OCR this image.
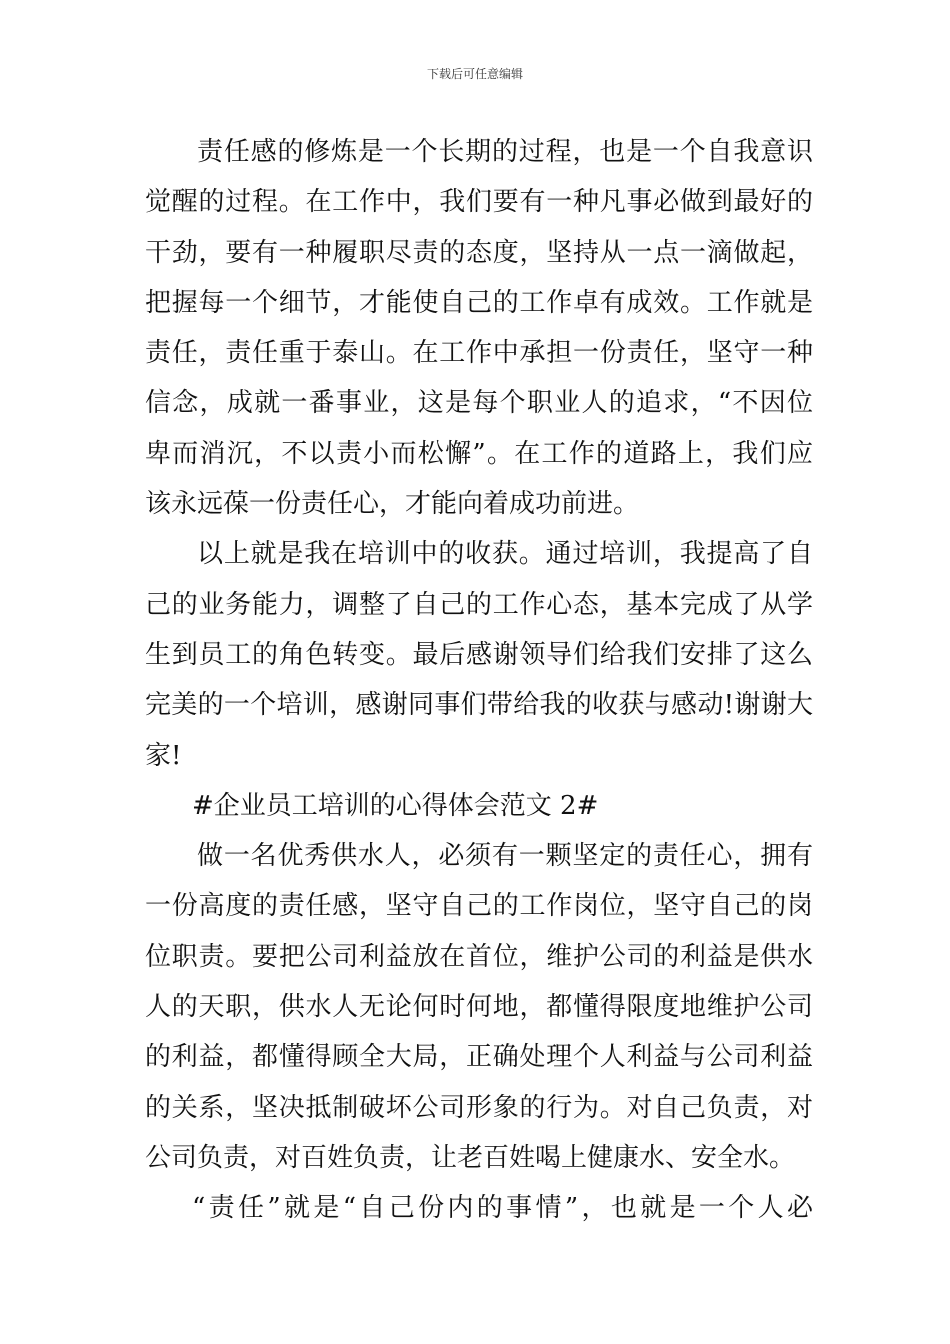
下载后可任意编辑
责任感的修炼是一个长期的过程，也是一个自我意识
觉醒的过程。在工作中，我们要有一种凡事必做到最好的
干劲，要有一种履职尽责的态度，坚持从一点一滴做起，
把握每一个细节，才能使自己的工作卓有成效。工作就是
责任，责任重于泰山。在工作中承担一份责任，坚守一种
信念，成就一番事业，这是每个职业人的追求，“不因位
卑而消沉，不以责小而松懈”。在工作的道路上，我们应
该永远葆一份责任心，才能向着成功前进。
以上就是我在培训中的收获。通过培训，我提高了自
己的业务能力，调整了自己的工作心态，基本完成了从学
生到员工的角色转变。最后感谢领导们给我们安排了这么
完美的一个培训，感谢同事们带给我的收获与感动!谢谢大
家!
#企业员工培训的心得体会范文 2#
做一名优秀供水人，必须有一颗坚定的责任心，拥有
一份高度的责任感，坚守自己的工作岗位，坚守自己的岗
位职责。要把公司利益放在首位，维护公司的利益是供水
人的天职，供水人无论何时何地，都懂得限度地维护公司
的利益，都懂得顾全大局，正确处理个人利益与公司利益
的关系，坚决抵制破坏公司形象的行为。对自己负责，对
公司负责，对百姓负责，让老百姓喝上健康水、安全水。
“责任”就是“自己份内的事情”，也就是一个人必
